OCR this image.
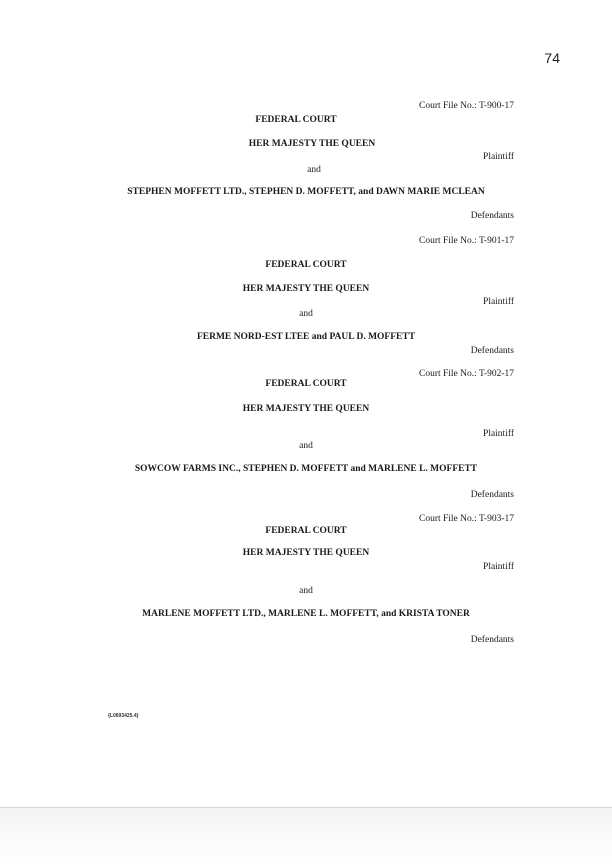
74
Court File No.: T-900-17
FEDERAL COURT
HER MAJESTY THE QUEEN
Plaintiff
and
STEPHEN MOFFETT LTD., STEPHEN D. MOFFETT, and DAWN MARIE MCLEAN
Defendants
Court File No.: T-901-17
FEDERAL COURT
HER MAJESTY THE QUEEN
Plaintiff
and
FERME NORD-EST LTEE and PAUL D. MOFFETT
Defendants
Court File No.: T-902-17
FEDERAL COURT
HER MAJESTY THE QUEEN
Plaintiff
and
SOWCOW FARMS INC., STEPHEN D. MOFFETT and MARLENE L. MOFFETT
Defendants
Court File No.: T-903-17
FEDERAL COURT
HER MAJESTY THE QUEEN
Plaintiff
and
MARLENE MOFFETT LTD., MARLENE L. MOFFETT, and KRISTA TONER
Defendants
{L0693425.4}
